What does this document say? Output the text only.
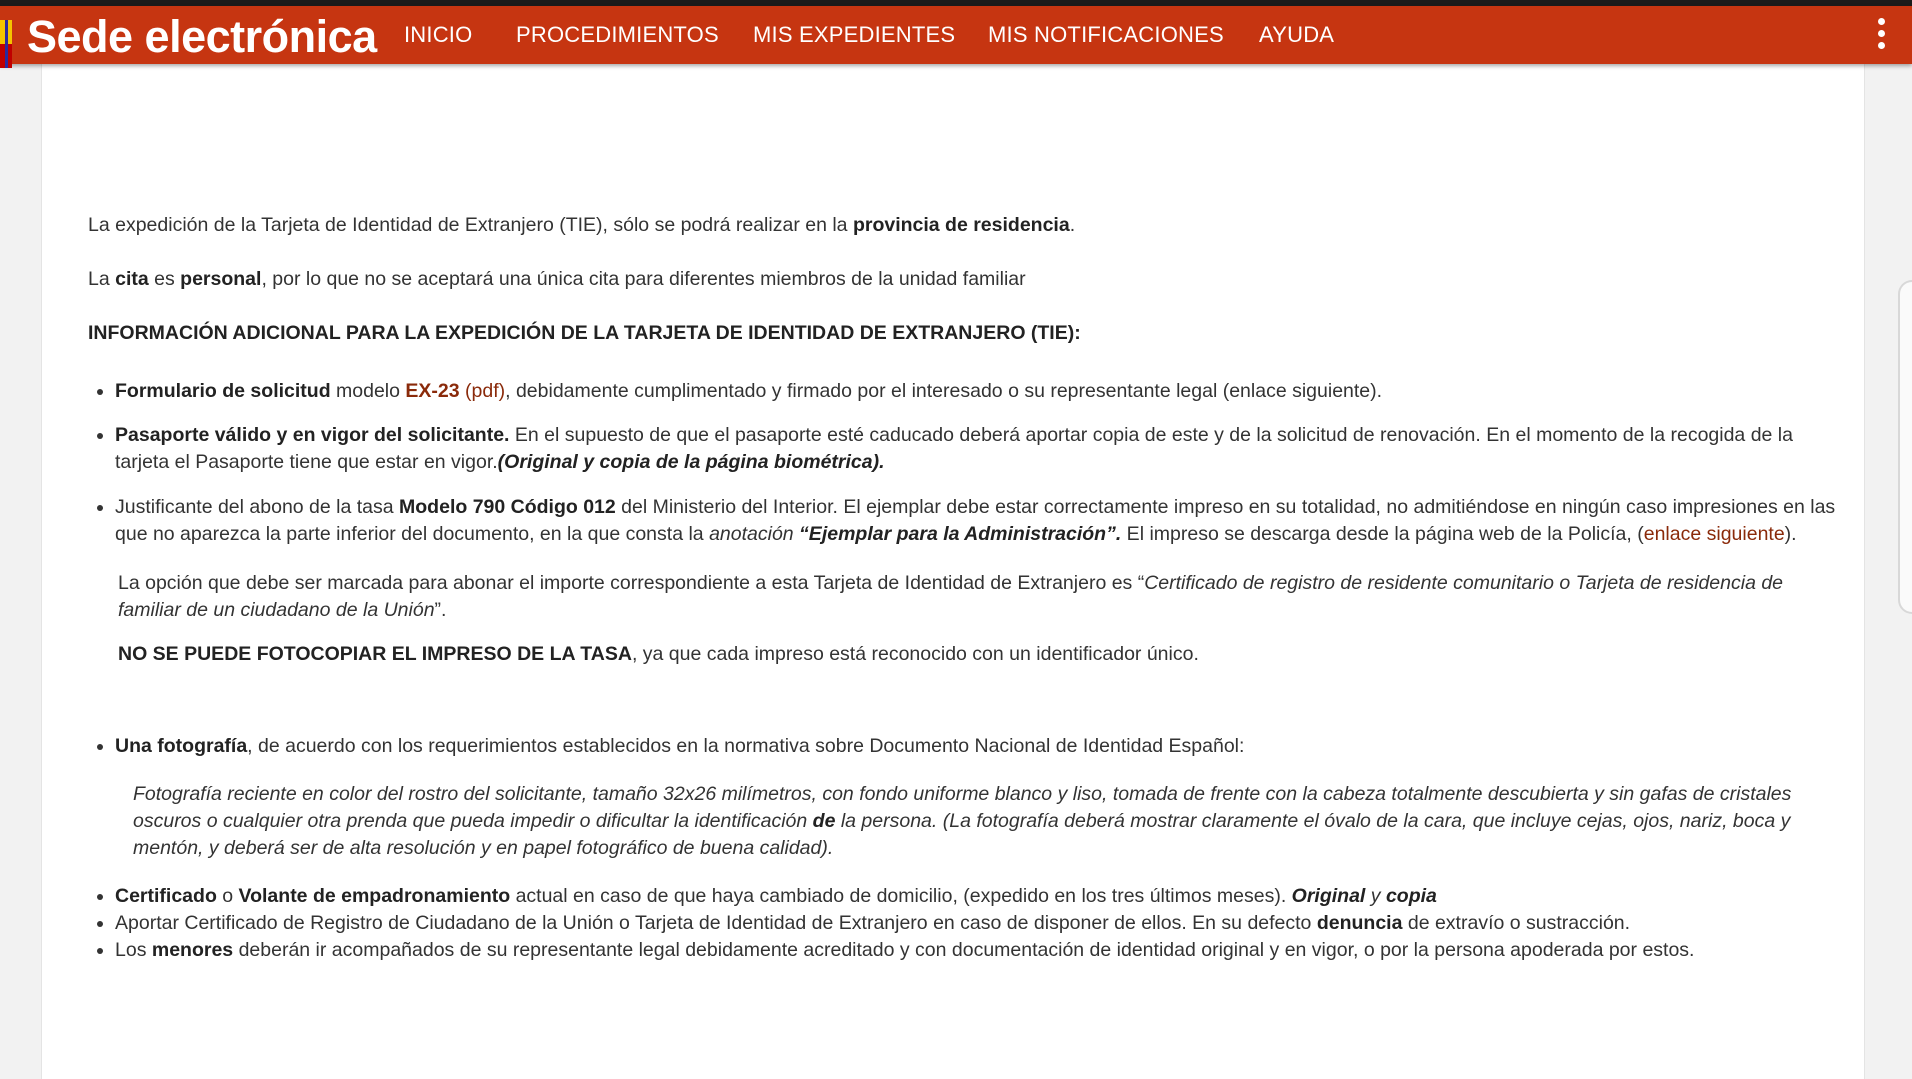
Sede electrónica INICIO PROCEDIMIENTOS MIS EXPEDIENTES MIS NOTIFICACIONES AYUDA

La expedición de la Tarjeta de Identidad de Extranjero (TIE), sólo se podrá realizar en la provincia de residencia.

La cita es personal, por lo que no se aceptará una única cita para diferentes miembros de la unidad familiar

INFORMACIÓN ADICIONAL PARA LA EXPEDICIÓN DE LA TARJETA DE IDENTIDAD DE EXTRANJERO (TIE):

• Formulario de solicitud modelo EX-23 (pdf), debidamente cumplimentado y firmado por el interesado o su representante legal (enlace siguiente).
• Pasaporte válido y en vigor del solicitante. En el supuesto de que el pasaporte esté caducado deberá aportar copia de este y de la solicitud de renovación. En el momento de la recogida de la tarjeta el Pasaporte tiene que estar en vigor.(Original y copia de la página biométrica).
• Justificante del abono de la tasa Modelo 790 Código 012 del Ministerio del Interior. El ejemplar debe estar correctamente impreso en su totalidad, no admitiéndose en ningún caso impresiones en las que no aparezca la parte inferior del documento, en la que consta la anotación “Ejemplar para la Administración”. El impreso se descarga desde la página web de la Policía, (enlace siguiente).

La opción que debe ser marcada para abonar el importe correspondiente a esta Tarjeta de Identidad de Extranjero es “Certificado de registro de residente comunitario o Tarjeta de residencia de familiar de un ciudadano de la Unión”.

NO SE PUEDE FOTOCOPIAR EL IMPRESO DE LA TASA, ya que cada impreso está reconocido con un identificador único.

• Una fotografía, de acuerdo con los requerimientos establecidos en la normativa sobre Documento Nacional de Identidad Español:

Fotografía reciente en color del rostro del solicitante, tamaño 32x26 milímetros, con fondo uniforme blanco y liso, tomada de frente con la cabeza totalmente descubierta y sin gafas de cristales oscuros o cualquier otra prenda que pueda impedir o dificultar la identificación de la persona. (La fotografía deberá mostrar claramente el óvalo de la cara, que incluye cejas, ojos, nariz, boca y mentón, y deberá ser de alta resolución y en papel fotográfico de buena calidad).

• Certificado o Volante de empadronamiento actual en caso de que haya cambiado de domicilio, (expedido en los tres últimos meses). Original y copia
• Aportar Certificado de Registro de Ciudadano de la Unión o Tarjeta de Identidad de Extranjero en caso de disponer de ellos. En su defecto denuncia de extravío o sustracción.
• Los menores deberán ir acompañados de su representante legal debidamente acreditado y con documentación de identidad original y en vigor, o por la persona apoderada por estos.
